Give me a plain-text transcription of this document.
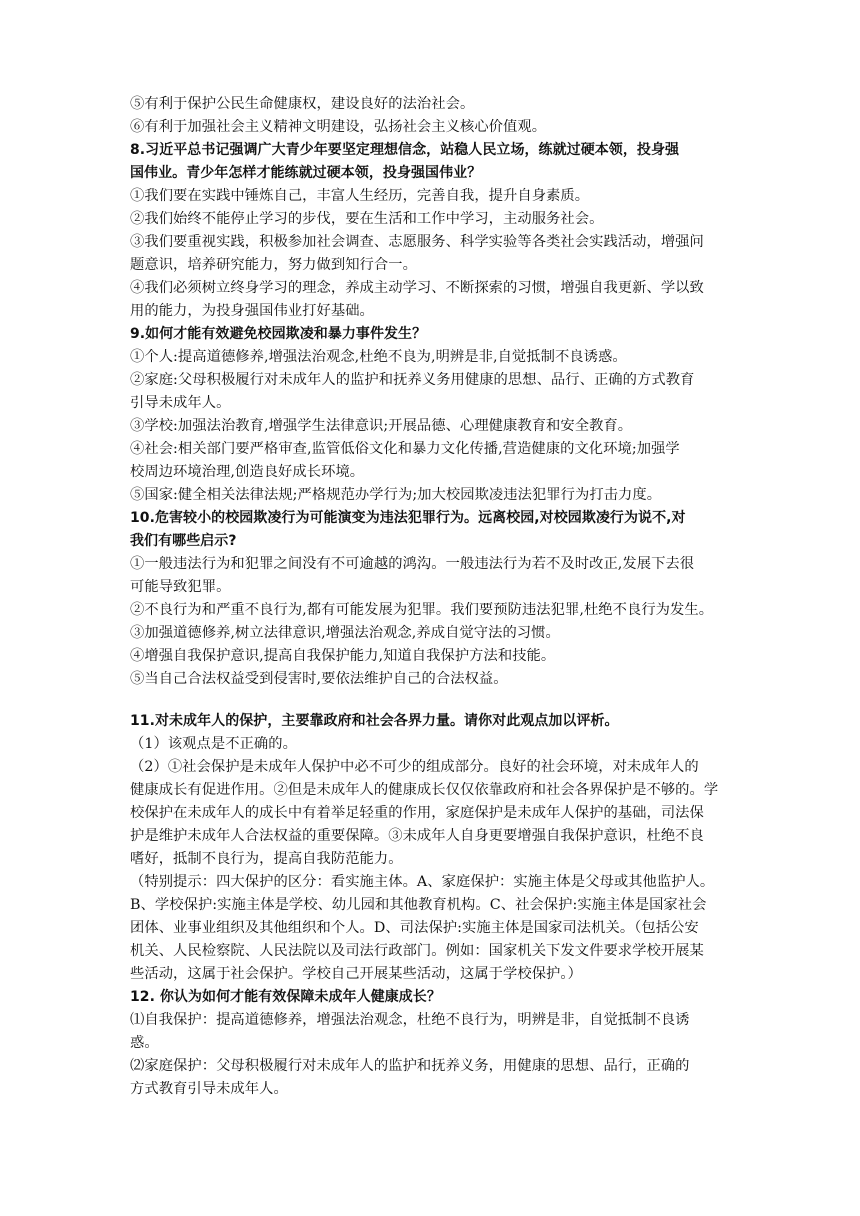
⑤有利于保护公民生命健康权，建设良好的法治社会。
⑥有利于加强社会主义精神文明建设，弘扬社会主义核心价值观。
8.习近平总书记强调广大青少年要坚定理想信念，站稳人民立场，练就过硬本领，投身强
国伟业。青少年怎样才能练就过硬本领，投身强国伟业？
①我们要在实践中锤炼自己，丰富人生经历，完善自我，提升自身素质。
②我们始终不能停止学习的步伐，要在生活和工作中学习，主动服务社会。
③我们要重视实践，积极参加社会调查、志愿服务、科学实验等各类社会实践活动，增强问
题意识，培养研究能力，努力做到知行合一。
④我们必须树立终身学习的理念，养成主动学习、不断探索的习惯，增强自我更新、学以致
用的能力，为投身强国伟业打好基础。
9.如何才能有效避免校园欺凌和暴力事件发生？
①个人:提高道德修养,增强法治观念,杜绝不良为,明辨是非,自觉抵制不良诱惑。
②家庭:父母积极履行对未成年人的监护和抚养义务用健康的思想、品行、正确的方式教育
引导未成年人。
③学校:加强法治教育,增强学生法律意识;开展品德、心理健康教育和安全教育。
④社会:相关部门要严格审查,监管低俗文化和暴力文化传播,营造健康的文化环境;加强学
校周边环境治理,创造良好成长环境。
⑤国家:健全相关法律法规;严格规范办学行为;加大校园欺凌违法犯罪行为打击力度。
10.危害较小的校园欺凌行为可能演变为违法犯罪行为。远离校园,对校园欺凌行为说不,对
我们有哪些启示?
①一般违法行为和犯罪之间没有不可逾越的鸿沟。一般违法行为若不及时改正,发展下去很
可能导致犯罪。
②不良行为和严重不良行为,都有可能发展为犯罪。我们要预防违法犯罪,杜绝不良行为发生。
③加强道德修养,树立法律意识,增强法治观念,养成自觉守法的习惯。
④增强自我保护意识,提高自我保护能力,知道自我保护方法和技能。
⑤当自己合法权益受到侵害时,要依法维护自己的合法权益。
11.对未成年人的保护，主要靠政府和社会各界力量。请你对此观点加以评析。
（1）该观点是不正确的。
（2）①社会保护是未成年人保护中必不可少的组成部分。良好的社会环境，对未成年人的
健康成长有促进作用。②但是未成年人的健康成长仅仅依靠政府和社会各界保护是不够的。学
校保护在未成年人的成长中有着举足轻重的作用，家庭保护是未成年人保护的基础，司法保
护是维护未成年人合法权益的重要保障。③未成年人自身更要增强自我保护意识，杜绝不良
嗜好，抵制不良行为，提高自我防范能力。
（特别提示：四大保护的区分：看实施主体。A、家庭保护：实施主体是父母或其他监护人。
B、学校保护:实施主体是学校、幼儿园和其他教育机构。C、社会保护:实施主体是国家社会
团体、业事业组织及其他组织和个人。D、司法保护:实施主体是国家司法机关。（包括公安
机关、人民检察院、人民法院以及司法行政部门。例如：国家机关下发文件要求学校开展某
些活动，这属于社会保护。学校自己开展某些活动，这属于学校保护。）
12. 你认为如何才能有效保障未成年人健康成长？
⑴自我保护：提高道德修养，增强法治观念，杜绝不良行为，明辨是非，自觉抵制不良诱
惑。
⑵家庭保护：父母积极履行对未成年人的监护和抚养义务，用健康的思想、品行，正确的
方式教育引导未成年人。
